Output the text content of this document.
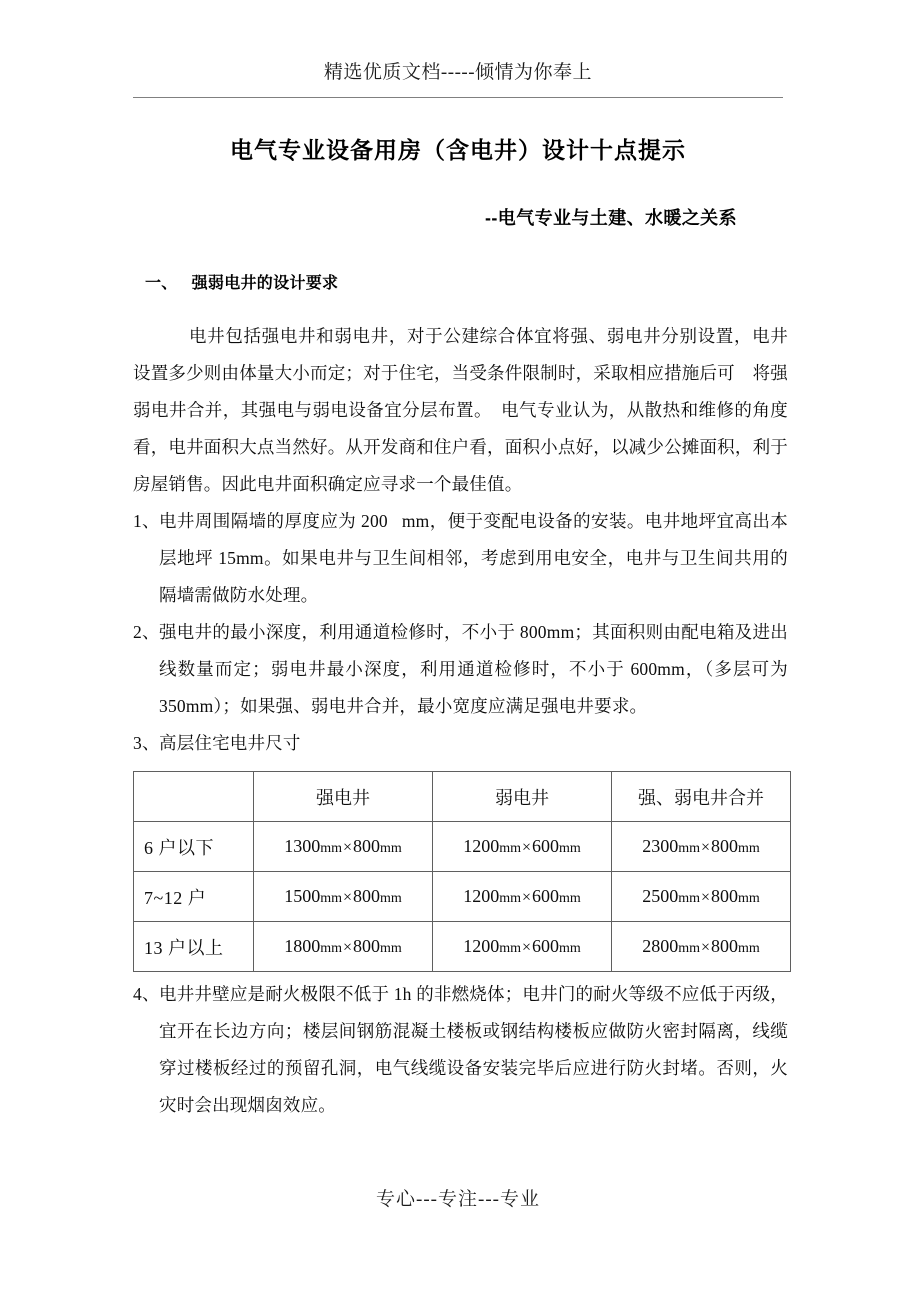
精选优质文档-----倾情为你奉上
电气专业设备用房（含电井）设计十点提示
--电气专业与土建、水暖之关系
一、 强弱电井的设计要求

电井包括强电井和弱电井，对于公建综合体宜将强、弱电井分别设置，电井设置多少则由体量大小而定；对于住宅，当受条件限制时，采取相应措施后可　将强弱电井合并，其强电与弱电设备宜分层布置。　电气专业认为，从散热和维修的角度看，电井面积大点当然好。从开发商和住户看，面积小点好，以减少公摊面积，利于房屋销售。因此电井面积确定应寻求一个最佳值。

1、 电井周围隔墙的厚度应为 200 mm，便于变配电设备的安装。电井地坪宜高出本层地坪 15mm。如果电井与卫生间相邻，考虑到用电安全，电井与卫生间共用的隔墙需做防水处理。
2、 强电井的最小深度，利用通道检修时，不小于 800mm；其面积则由配电箱及进出线数量而定；弱电井最小深度，利用通道检修时，不小于 600mm，（多层可为 350mm）；如果强、弱电井合并，最小宽度应满足强电井要求。
3、 高层住宅电井尺寸
	强电井	弱电井	强、弱电井合并
6 户以下	1300mm×800mm	1200mm×600mm	2300mm×800mm
7~12 户	1500mm×800mm	1200mm×600mm	2500mm×800mm
13 户以上	1800mm×800mm	1200mm×600mm	2800mm×800mm
4、 电井井壁应是耐火极限不低于 1h 的非燃烧体；电井门的耐火等级不应低于丙级，宜开在长边方向；楼层间钢筋混凝土楼板或钢结构楼板应做防火密封隔离，线缆穿过楼板经过的预留孔洞，电气线缆设备安装完毕后应进行防火封堵。否则，火灾时会出现烟囱效应。
专心---专注---专业
